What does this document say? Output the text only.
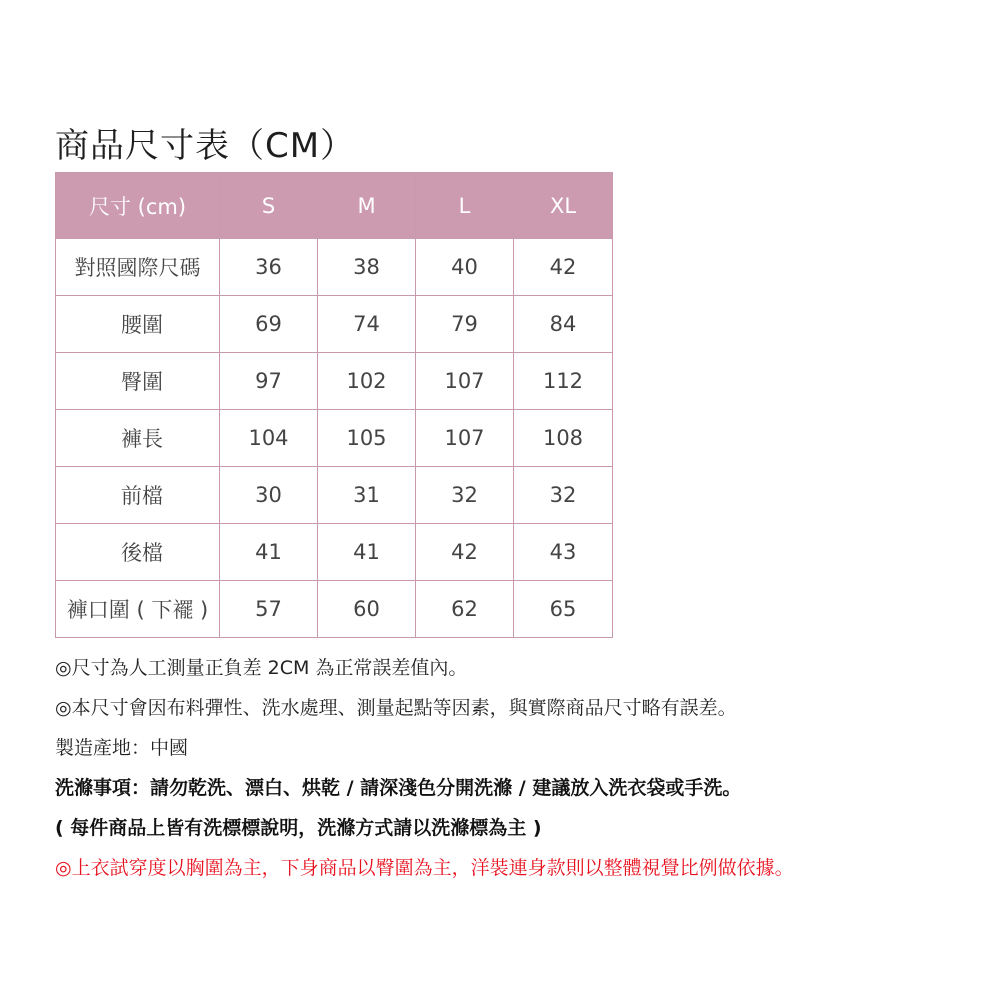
商品尺寸表（CM）
尺寸 (cm)	S	M	L	XL
對照國際尺碼	36	38	40	42
腰圍	69	74	79	84
臀圍	97	102	107	112
褲長	104	105	107	108
前檔	30	31	32	32
後檔	41	41	42	43
褲口圍 ( 下襬 )	57	60	62	65
◎尺寸為人工測量正負差 2CM 為正常誤差值內。
◎本尺寸會因布料彈性、洗水處理、測量起點等因素，與實際商品尺寸略有誤差。
製造產地：中國
洗滌事項：請勿乾洗、漂白、烘乾 / 請深淺色分開洗滌 / 建議放入洗衣袋或手洗。
( 每件商品上皆有洗標標說明，洗滌方式請以洗滌標為主 )
◎上衣試穿度以胸圍為主，下身商品以臀圍為主，洋裝連身款則以整體視覺比例做依據。
